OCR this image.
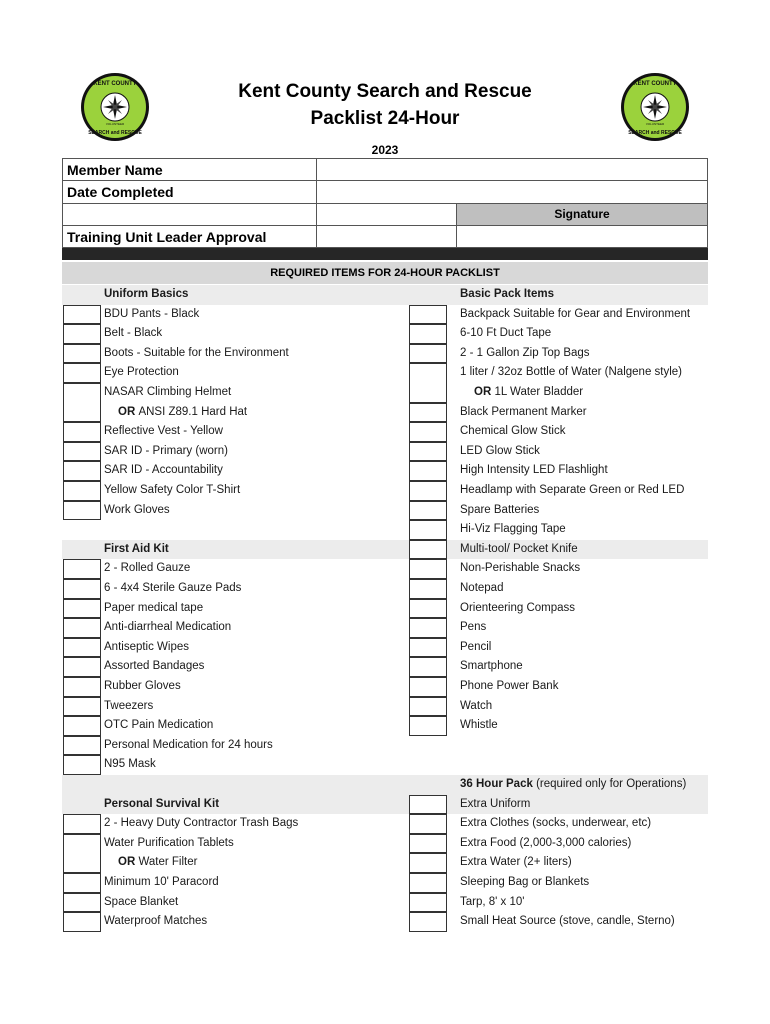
KENT COUNTY
SEARCH and RESCUE
VOLUNTEER
KENT COUNTY
SEARCH and RESCUE
VOLUNTEER
Kent County Search and Rescue
Packlist 24-Hour
2023
Member Name
Date Completed
Signature
Training Unit Leader Approval
REQUIRED ITEMS FOR 24-HOUR PACKLIST
Uniform Basics
BDU Pants - Black
Belt - Black
Boots - Suitable for the Environment
Eye Protection
NASAR Climbing Helmet
OR ANSI Z89.1 Hard Hat
Reflective Vest - Yellow
SAR ID - Primary (worn)
SAR ID - Accountability
Yellow Safety Color T-Shirt
Work Gloves
First Aid Kit
2 - Rolled Gauze
6 - 4x4 Sterile Gauze Pads
Paper medical tape
Anti-diarrheal Medication
Antiseptic Wipes
Assorted Bandages
Rubber Gloves
Tweezers
OTC Pain Medication
Personal Medication for 24 hours
N95 Mask
Personal Survival Kit
2 - Heavy Duty Contractor Trash Bags
Water Purification Tablets
OR Water Filter
Minimum 10' Paracord
Space Blanket
Waterproof Matches
Basic Pack Items
Backpack Suitable for Gear and Environment
6-10 Ft Duct Tape
2 - 1 Gallon Zip Top Bags
1 liter / 32oz Bottle of Water (Nalgene style)
OR 1L Water Bladder
Black Permanent Marker
Chemical Glow Stick
LED Glow Stick
High Intensity LED Flashlight
Headlamp with Separate Green or Red LED
Spare Batteries
Hi-Viz Flagging Tape
Multi-tool/ Pocket Knife
Non-Perishable Snacks
Notepad
Orienteering Compass
Pens
Pencil
Smartphone
Phone Power Bank
Watch
Whistle
36 Hour Pack (required only for Operations)
Extra Uniform
Extra Clothes (socks, underwear, etc)
Extra Food (2,000-3,000 calories)
Extra Water (2+ liters)
Sleeping Bag or Blankets
Tarp, 8' x 10'
Small Heat Source (stove, candle, Sterno)
